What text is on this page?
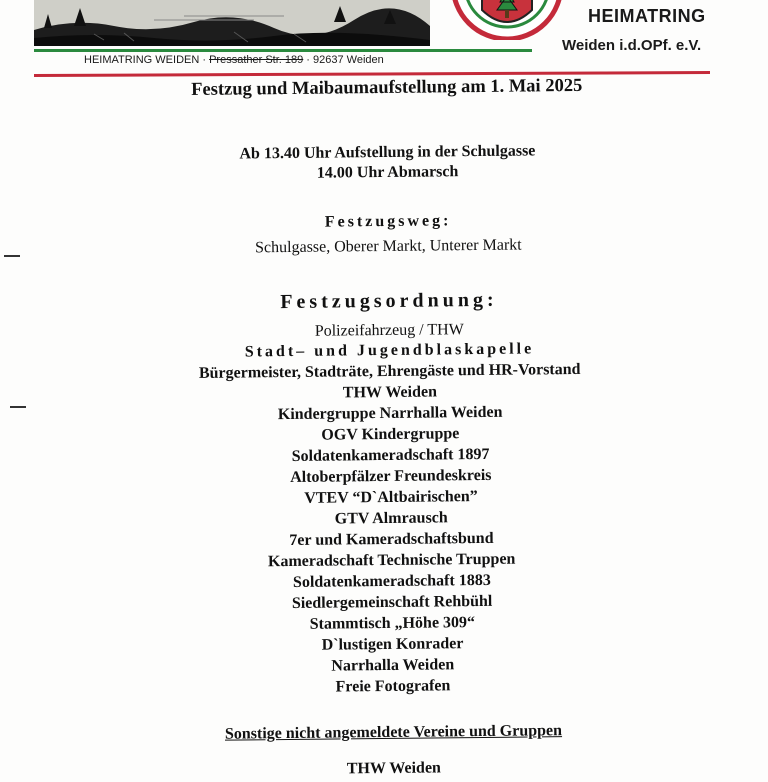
HEIMATRING
Weiden i.d.OPf. e.V.
HEIMATRING WEIDEN · Pressather Str. 189 · 92637 Weiden
Festzug und Maibaumaufstellung am 1. Mai 2025
Ab 13.40 Uhr Aufstellung in der Schulgasse
14.00 Uhr Abmarsch
Festzugsweg:
Schulgasse, Oberer Markt, Unterer Markt
Festzugsordnung:
Polizeifahrzeug / THW
Stadt– und Jugendblaskapelle
Bürgermeister, Stadträte, Ehrengäste und HR-Vorstand
THW Weiden
Kindergruppe Narrhalla Weiden
OGV Kindergruppe
Soldatenkameradschaft 1897
Altoberpfälzer Freundeskreis
VTEV “D`Altbairischen”
GTV Almrausch
7er und Kameradschaftsbund
Kameradschaft Technische Truppen
Soldatenkameradschaft 1883
Siedlergemeinschaft Rehbühl
Stammtisch „Höhe 309“
D`lustigen Konrader
Narrhalla Weiden
Freie Fotografen
Sonstige nicht angemeldete Vereine und Gruppen
THW Weiden
